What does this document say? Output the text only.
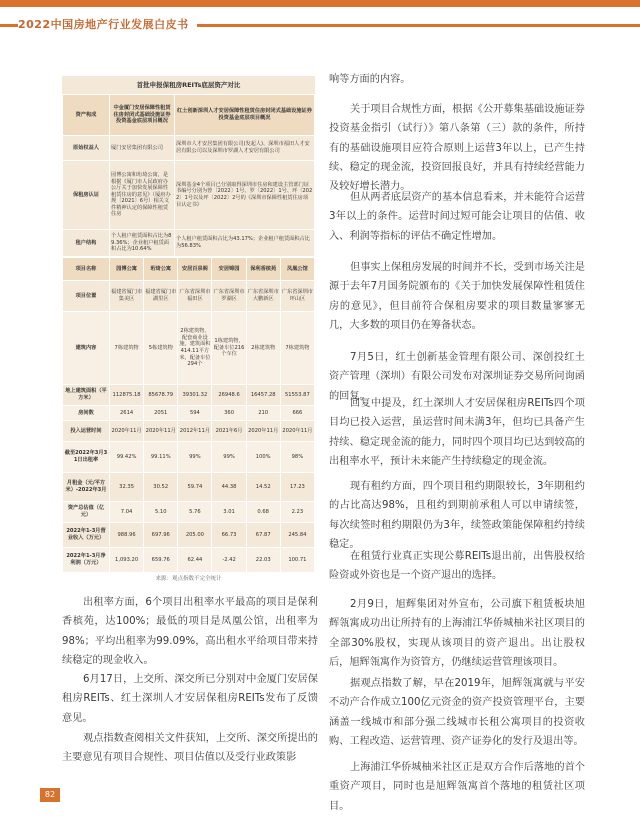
2022中国房地产行业发展白皮书
首批申报保租房REITs底层资产对比
资产构成	中金厦门安居保障性租赁住房封闭式基础设施证券投资基金底层项目概况	红土创新深圳人才安居保障性租赁住房封闭式基础设施证券投资基金底层项目概况
原始权益人	厦门安居集团有限公司	深圳市人才安居集团有限公司(发起人)、深圳市福田人才安居有限公司以及深圳市罗湖人才安居有限公司
保租房认证	园博公寓和珩琦公寓，是根据《厦门市人民政府办公厅关于加快发展保障性租赁住房的意见》（厦府办规〔2021〕6号）相关文件精神认定的保障性租赁住房	深圳基金4个项目已分别取得深圳市住房和建设主管部门证书编号分别为曾〔2022〕1号、罗〔2022〕1号、坪〔2022〕1号以及坪〔2022〕2号的《深圳市保障性租赁住房项目认定书》
租户结构	个人租户租赁面积占比为89.36%；企业租户租赁面积占比为10.64%	个人租户租赁面积占比为43.17%；企业租户租赁面积占比为56.83%
项目名称	园博公寓	珩琦公寓	安居百泉阁	安居锦园	保利香槟苑	凤凰公馆
项目位置	福建省厦门市集美区	福建省厦门市湖里区	广东省深圳市福田区	广东省深圳市罗湖区	广东省深圳市大鹏新区	广东省深圳市坪山区
建筑内容	7栋建筑物	5栋建筑物	2栋建筑物，配套商业设施，建筑面积414.11平方米，配备车位294个	1栋建筑物，配备车位216个车位	2栋建筑物	7栋建筑物
地上建筑面积（平方米）	112875.18	85678.79	39301.32	26948.6	16457.28	51553.87
房间数	2614	2051	594	360	210	666
投入运营时间	2020年11月	2020年11月	2012年11月	2021年6月	2020年11月	2020年11月
截至2022年3月31日出租率	99.42%	99.11%	99%	99%	100%	98%
月租金（元/平方米）-2022年3月	32.35	30.52	59.74	44.38	14.52	17.23
资产总估值（亿元）	7.04	5.10	5.76	3.01	0.68	2.23
2022年1-3月营业收入（万元）	988.96	697.96	205.00	66.73	67.87	245.84
2022年1-3月净利润（万元）	1,093.20	659.76	62.44	-2.42	22.03	100.71
来源：观点指数不完全统计

出租率方面，6个项目出租率水平最高的项目是保利香槟苑，达100%；最低的项目是凤凰公馆，出租率为98%；平均出租率为99.09%，高出租水平给项目带来持续稳定的现金收入。

6月17日，上交所、深交所已分别对中金厦门安居保租房REITs、红土深圳人才安居保租房REITs发布了反馈意见。

观点指数查阅相关文件获知，上交所、深交所提出的主要意见有项目合规性、项目估值以及受行业政策影

响等方面的内容。

关于项目合规性方面，根据《公开募集基础设施证券投资基金指引（试行）》第八条第（三）款的条件，所持有的基础设施项目应符合原则上运营3年以上，已产生持续、稳定的现金流，投资回报良好，并具有持续经营能力及较好增长潜力。

但从两者底层资产的基本信息看来，并未能符合运营3年以上的条件。运营时间过短可能会让项目的估值、收入、利润等指标的评估不确定性增加。

但事实上保租房发展的时间并不长，受到市场关注是源于去年7月国务院颁布的《关于加快发展保障性租赁住房的意见》，但目前符合保租房要求的项目数量寥寥无几，大多数的项目仍在筹备状态。

7月5日，红土创新基金管理有限公司、深创投红土资产管理（深圳）有限公司发布对深圳证券交易所问询函的回复。

回复中提及，红土深圳人才安居保租房REITs四个项目均已投入运营，虽运营时间未满3年，但均已具备产生持续、稳定现金流的能力，同时四个项目均已达到较高的出租率水平，预计未来能产生持续稳定的现金流。

现有租约方面，四个项目租约期限较长，3年期租约的占比高达98%，且租约到期前承租人可以申请续签，每次续签时租约期限仍为3年，续签政策能保障租约持续稳定。

在租赁行业真正实现公募REITs退出前，出售股权给险资或外资也是一个资产退出的选择。

2月9日，旭辉集团对外宣布，公司旗下租赁板块旭辉瓴寓成功出让所持有的上海浦江华侨城柚米社区项目的全部30%股权，实现从该项目的资产退出。出让股权后，旭辉瓴寓作为资管方，仍继续运营管理该项目。

据观点指数了解，早在2019年，旭辉瓴寓就与平安不动产合作成立100亿元资金的资产投资管理平台，主要涵盖一线城市和部分强二线城市长租公寓项目的投资收购、工程改造、运营管理、资产证券化的发行及退出等。

上海浦江华侨城柚米社区正是双方合作后落地的首个重资产项目，同时也是旭辉瓴寓首个落地的租赁社区项目。

82
